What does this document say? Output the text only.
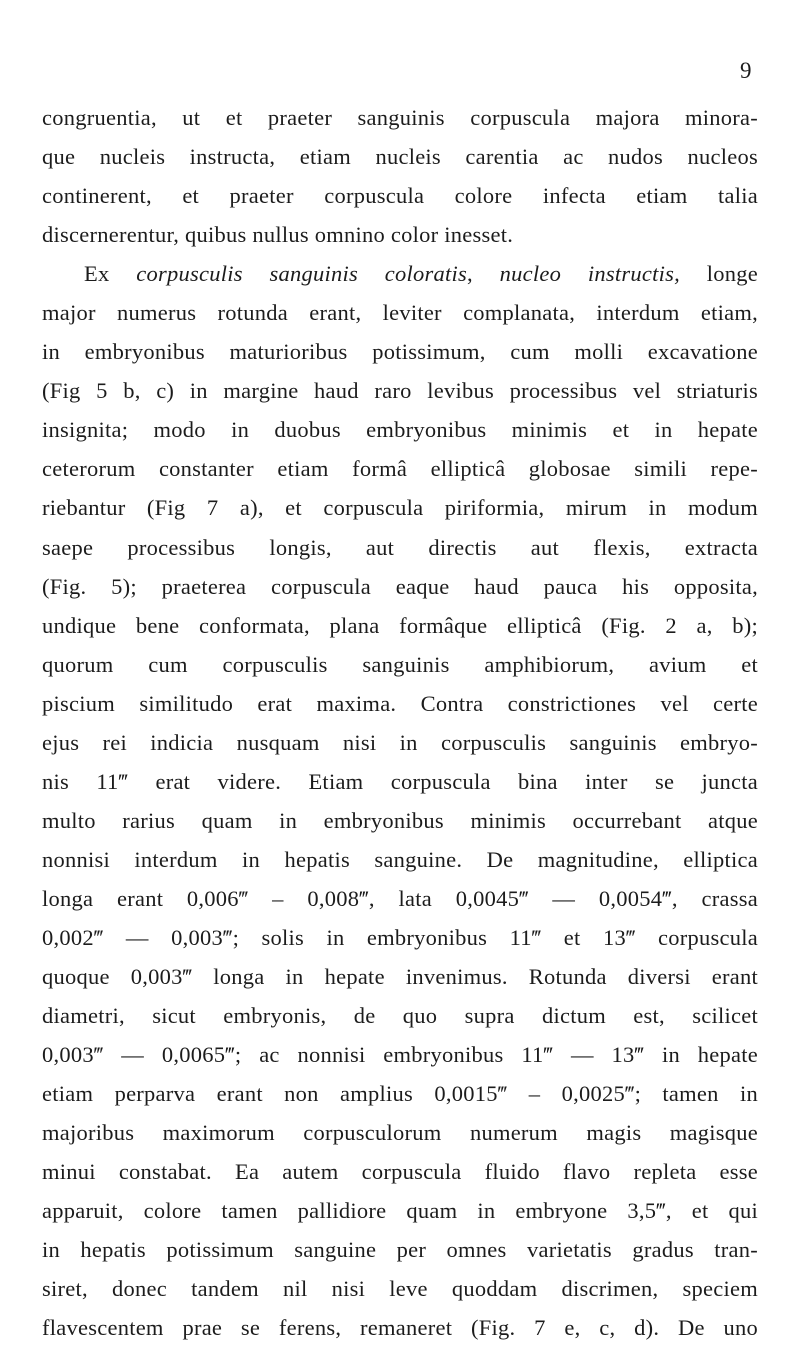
9
congruentia, ut et praeter sanguinis corpuscula majora minora-
que nucleis instructa, etiam nucleis carentia ac nudos nucleos
continerent, et praeter corpuscula colore infecta etiam talia
discernerentur, quibus nullus omnino color inesset.
Ex corpusculis sanguinis coloratis, nucleo instructis, longe
major numerus rotunda erant, leviter complanata, interdum etiam,
in embryonibus maturioribus potissimum, cum molli excavatione
(Fig 5 b, c) in margine haud raro levibus processibus vel striaturis
insignita; modo in duobus embryonibus minimis et in hepate
ceterorum constanter etiam formâ ellipticâ globosae simili repe-
riebantur (Fig 7 a), et corpuscula piriformia, mirum in modum
saepe processibus longis, aut directis aut flexis, extracta
(Fig. 5); praeterea corpuscula eaque haud pauca his opposita,
undique bene conformata, plana formâque ellipticâ (Fig. 2 a, b);
quorum cum corpusculis sanguinis amphibiorum, avium et
piscium similitudo erat maxima. Contra constrictiones vel certe
ejus rei indicia nusquam nisi in corpusculis sanguinis embryo-
nis 11‴ erat videre. Etiam corpuscula bina inter se juncta
multo rarius quam in embryonibus minimis occurrebant atque
nonnisi interdum in hepatis sanguine. De magnitudine, elliptica
longa erant 0,006‴ – 0,008‴, lata 0,0045‴ — 0,0054‴, crassa
0,002‴ — 0,003‴; solis in embryonibus 11‴ et 13‴ corpuscula
quoque 0,003‴ longa in hepate invenimus. Rotunda diversi erant
diametri, sicut embryonis, de quo supra dictum est, scilicet
0,003‴ — 0,0065‴; ac nonnisi embryonibus 11‴ — 13‴ in hepate
etiam perparva erant non amplius 0,0015‴ – 0,0025‴; tamen in
majoribus maximorum corpusculorum numerum magis magisque
minui constabat. Ea autem corpuscula fluido flavo repleta esse
apparuit, colore tamen pallidiore quam in embryone 3,5‴, et qui
in hepatis potissimum sanguine per omnes varietatis gradus tran-
siret, donec tandem nil nisi leve quoddam discrimen, speciem
flavescentem prae se ferens, remaneret (Fig. 7 e, c, d). De uno
